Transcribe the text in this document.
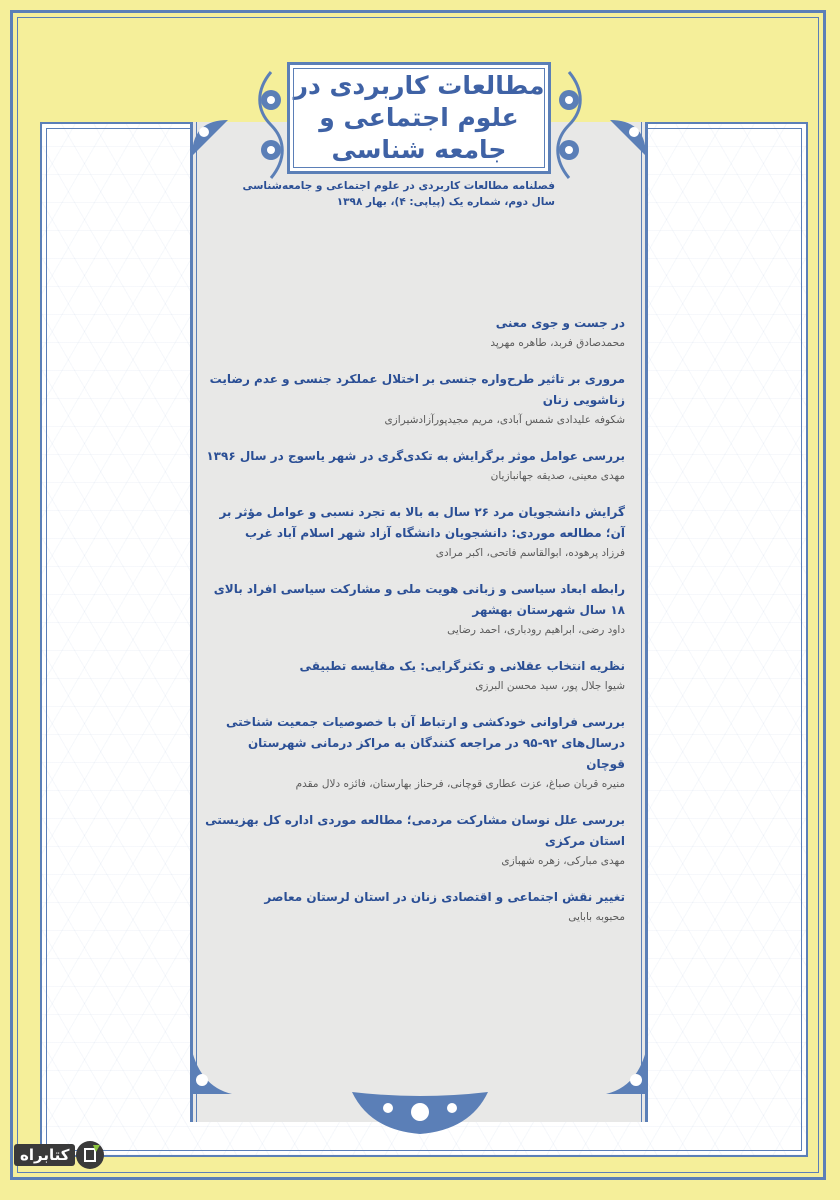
مطالعات کاربردی در
علوم اجتماعی و
جامعه شناسی
فصلنامه مطالعات کاربردی در علوم اجتماعی و جامعه‌شناسی
سال دوم، شماره یک (پیاپی: ۴)، بهار ۱۳۹۸
در جست و جوی معنی
محمدصادق فربد، طاهره مهرپد
مروری بر تاثیر طرح‌واره جنسی بر اختلال عملکرد جنسی و عدم رضایت زناشویی زنان
شکوفه علیدادی شمس آبادی، مریم مجیدپورآزادشیرازی
بررسی عوامل موثر برگرایش به تکدی‌گری در شهر یاسوج در سال ۱۳۹۶
مهدی معینی، صدیقه جهانبازیان
گرایش دانشجویان مرد ۲۶ سال به بالا به تجرد نسبی و عوامل مؤثر بر آن؛ مطالعه موردی: دانشجویان دانشگاه آزاد شهر اسلام آباد غرب
فرزاد پرهوده، ابوالقاسم فاتحی، اکبر مرادی
رابطه ابعاد سیاسی و زبانی هویت ملی و مشارکت سیاسی افراد بالای ۱۸ سال شهرستان بهشهر
داود رضی، ابراهیم رودباری، احمد رضایی
نظریه انتخاب عقلانی و تکثرگرایی: یک مقایسه تطبیقی
شیوا جلال پور، سید محسن البرزی
بررسی فراوانی خودکشی و ارتباط آن با خصوصیات جمعیت شناختی درسال‌های ۹۲-۹۵ در مراجعه کنندگان به مراکز درمانی شهرستان قوچان
منیره قربان صباغ، عزت عطاری قوچانی، فرحناز بهارستان، فائزه دلال مقدم
بررسی علل نوسان مشارکت مردمی؛ مطالعه موردی اداره کل بهزیستی استان مرکزی
مهدی مبارکی، زهره شهبازی
تغییر نقش اجتماعی و اقتصادی زنان در استان لرستان معاصر
محبوبه بابایی
کتابراه
